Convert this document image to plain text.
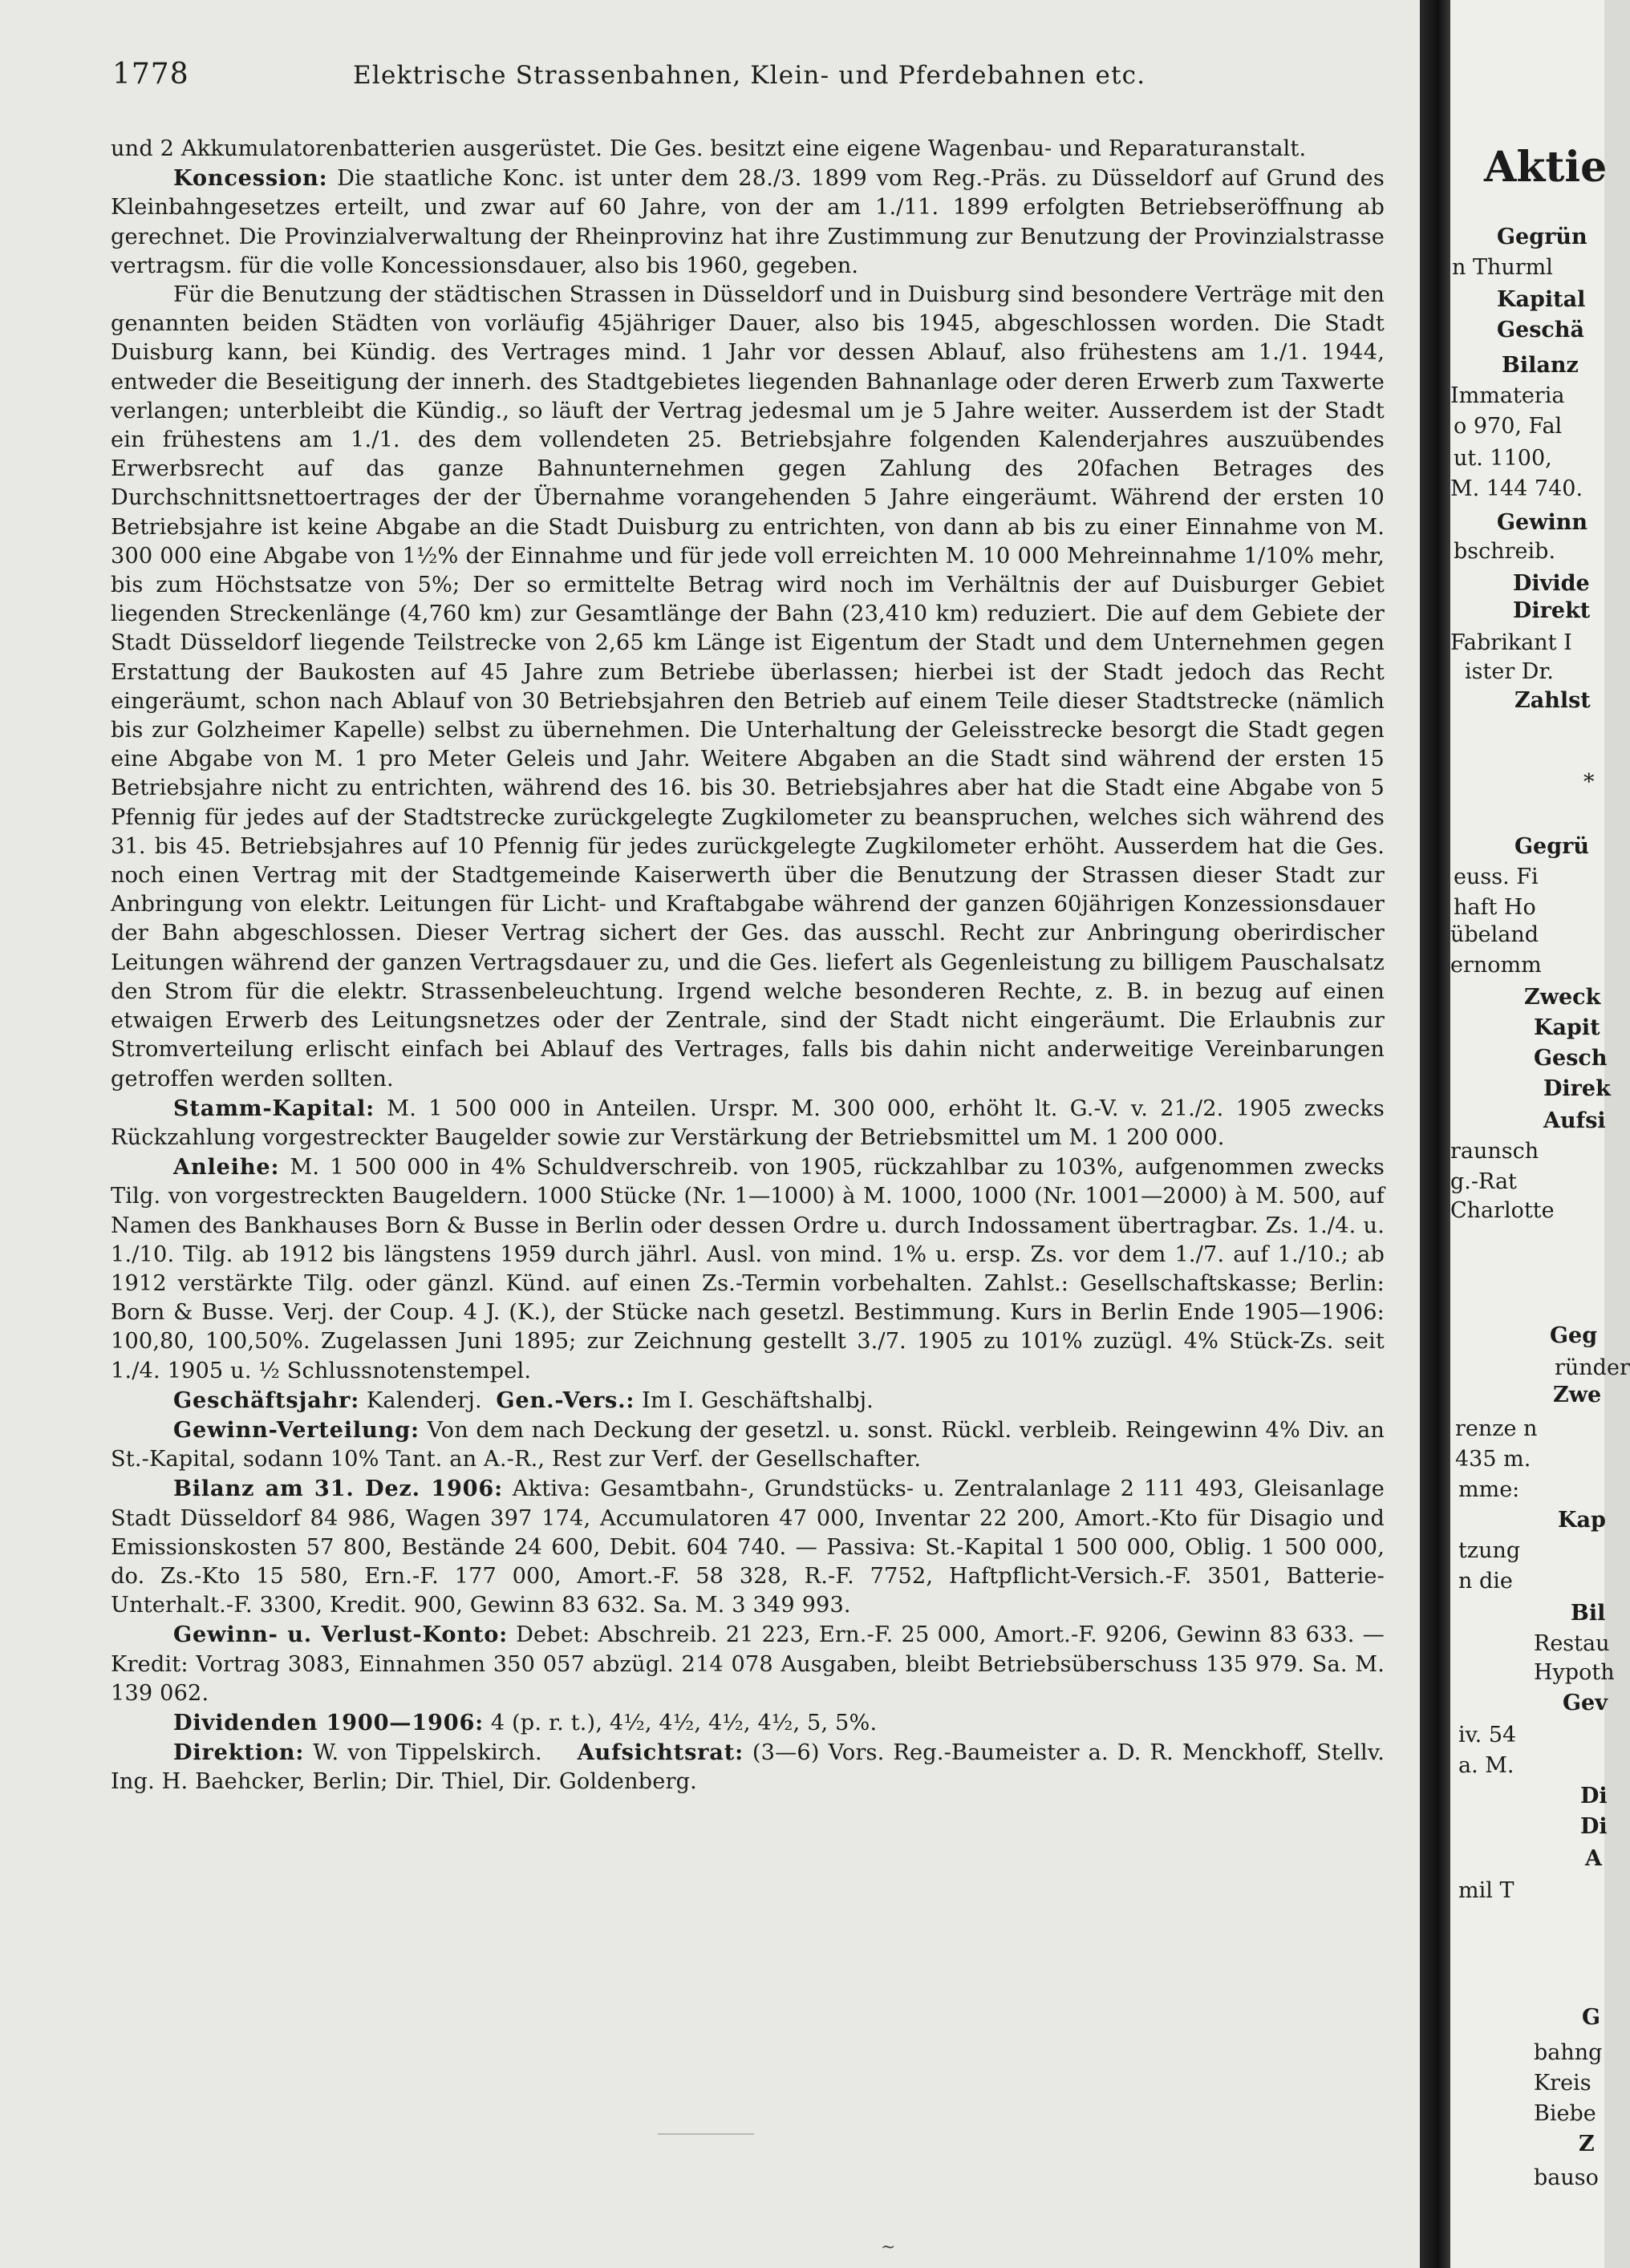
1778	Elektrische Strassenbahnen, Klein- und Pferdebahnen etc.

und 2 Akkumulatorenbatterien ausgerüstet. Die Ges. besitzt eine eigene Wagenbau- und Reparaturanstalt.

Koncession: Die staatliche Konc. ist unter dem 28./3. 1899 vom Reg.-Präs. zu Düsseldorf auf Grund des Kleinbahngesetzes erteilt, und zwar auf 60 Jahre, von der am 1./11. 1899 erfolgten Betriebseröffnung ab gerechnet. Die Provinzialverwaltung der Rheinprovinz hat ihre Zustimmung zur Benutzung der Provinzialstrasse vertragsm. für die volle Koncessionsdauer, also bis 1960, gegeben.

Für die Benutzung der städtischen Strassen in Düsseldorf und in Duisburg sind besondere Verträge mit den genannten beiden Städten von vorläufig 45jähriger Dauer, also bis 1945, abgeschlossen worden. Die Stadt Duisburg kann, bei Kündig. des Vertrages mind. 1 Jahr vor dessen Ablauf, also frühestens am 1./1. 1944, entweder die Beseitigung der innerh. des Stadtgebietes liegenden Bahnanlage oder deren Erwerb zum Taxwerte verlangen; unterbleibt die Kündig., so läuft der Vertrag jedesmal um je 5 Jahre weiter. Ausserdem ist der Stadt ein frühestens am 1./1. des dem vollendeten 25. Betriebsjahre folgenden Kalenderjahres auszuübendes Erwerbsrecht auf das ganze Bahnunternehmen gegen Zahlung des 20fachen Betrages des Durchschnittsnettoertrages der der Übernahme vorangehenden 5 Jahre eingeräumt. Während der ersten 10 Betriebsjahre ist keine Abgabe an die Stadt Duisburg zu entrichten, von dann ab bis zu einer Einnahme von M. 300 000 eine Abgabe von 1½% der Einnahme und für jede voll erreichten M. 10 000 Mehreinnahme 1/10% mehr, bis zum Höchstsatze von 5%; Der so ermittelte Betrag wird noch im Verhältnis der auf Duisburger Gebiet liegenden Streckenlänge (4,760 km) zur Gesamtlänge der Bahn (23,410 km) reduziert. Die auf dem Gebiete der Stadt Düsseldorf liegende Teilstrecke von 2,65 km Länge ist Eigentum der Stadt und dem Unternehmen gegen Erstattung der Baukosten auf 45 Jahre zum Betriebe überlassen; hierbei ist der Stadt jedoch das Recht eingeräumt, schon nach Ablauf von 30 Betriebsjahren den Betrieb auf einem Teile dieser Stadtstrecke (nämlich bis zur Golzheimer Kapelle) selbst zu übernehmen. Die Unterhaltung der Geleisstrecke besorgt die Stadt gegen eine Abgabe von M. 1 pro Meter Geleis und Jahr. Weitere Abgaben an die Stadt sind während der ersten 15 Betriebsjahre nicht zu entrichten, während des 16. bis 30. Betriebsjahres aber hat die Stadt eine Abgabe von 5 Pfennig für jedes auf der Stadtstrecke zurückgelegte Zugkilometer zu beanspruchen, welches sich während des 31. bis 45. Betriebsjahres auf 10 Pfennig für jedes zurückgelegte Zugkilometer erhöht. Ausserdem hat die Ges. noch einen Vertrag mit der Stadtgemeinde Kaiserwerth über die Benutzung der Strassen dieser Stadt zur Anbringung von elektr. Leitungen für Licht- und Kraftabgabe während der ganzen 60jährigen Konzessionsdauer der Bahn abgeschlossen. Dieser Vertrag sichert der Ges. das ausschl. Recht zur Anbringung oberirdischer Leitungen während der ganzen Vertragsdauer zu, und die Ges. liefert als Gegenleistung zu billigem Pauschalsatz den Strom für die elektr. Strassenbeleuchtung. Irgend welche besonderen Rechte, z. B. in bezug auf einen etwaigen Erwerb des Leitungsnetzes oder der Zentrale, sind der Stadt nicht eingeräumt. Die Erlaubnis zur Stromverteilung erlischt einfach bei Ablauf des Vertrages, falls bis dahin nicht anderweitige Vereinbarungen getroffen werden sollten.

Stamm-Kapital: M. 1 500 000 in Anteilen. Urspr. M. 300 000, erhöht lt. G.-V. v. 21./2. 1905 zwecks Rückzahlung vorgestreckter Baugelder sowie zur Verstärkung der Betriebsmittel um M. 1 200 000.

Anleihe: M. 1 500 000 in 4% Schuldverschreib. von 1905, rückzahlbar zu 103%, aufgenommen zwecks Tilg. von vorgestreckten Baugeldern. 1000 Stücke (Nr. 1—1000) à M. 1000, 1000 (Nr. 1001—2000) à M. 500, auf Namen des Bankhauses Born & Busse in Berlin oder dessen Ordre u. durch Indossament übertragbar. Zs. 1./4. u. 1./10. Tilg. ab 1912 bis längstens 1959 durch jährl. Ausl. von mind. 1% u. ersp. Zs. vor dem 1./7. auf 1./10.; ab 1912 verstärkte Tilg. oder gänzl. Künd. auf einen Zs.-Termin vorbehalten. Zahlst.: Gesellschaftskasse; Berlin: Born & Busse. Verj. der Coup. 4 J. (K.), der Stücke nach gesetzl. Bestimmung. Kurs in Berlin Ende 1905—1906: 100,80, 100,50%. Zugelassen Juni 1895; zur Zeichnung gestellt 3./7. 1905 zu 101% zuzügl. 4% Stück-Zs. seit 1./4. 1905 u. ½ Schlussnotenstempel.

Geschäftsjahr: Kalenderj. Gen.-Vers.: Im I. Geschäftshalbj.

Gewinn-Verteilung: Von dem nach Deckung der gesetzl. u. sonst. Rückl. verbleib. Reingewinn 4% Div. an St.-Kapital, sodann 10% Tant. an A.-R., Rest zur Verf. der Gesellschafter.

Bilanz am 31. Dez. 1906: Aktiva: Gesamtbahn-, Grundstücks- u. Zentralanlage 2 111 493, Gleisanlage Stadt Düsseldorf 84 986, Wagen 397 174, Accumulatoren 47 000, Inventar 22 200, Amort.-Kto für Disagio und Emissionskosten 57 800, Bestände 24 600, Debit. 604 740. — Passiva: St.-Kapital 1 500 000, Oblig. 1 500 000, do. Zs.-Kto 15 580, Ern.-F. 177 000, Amort.-F. 58 328, R.-F. 7752, Haftpflicht-Versich.-F. 3501, Batterie-Unterhalt.-F. 3300, Kredit. 900, Gewinn 83 632. Sa. M. 3 349 993.

Gewinn- u. Verlust-Konto: Debet: Abschreib. 21 223, Ern.-F. 25 000, Amort.-F. 9206, Gewinn 83 633. — Kredit: Vortrag 3083, Einnahmen 350 057 abzügl. 214 078 Ausgaben, bleibt Betriebsüberschuss 135 979. Sa. M. 139 062.

Dividenden 1900—1906: 4 (p. r. t.), 4½, 4½, 4½, 4½, 5, 5%.

Direktion: W. von Tippelskirch. Aufsichtsrat: (3—6) Vors. Reg.-Baumeister a. D. R. Menckhoff, Stellv. Ing. H. Baehcker, Berlin; Dir. Thiel, Dir. Goldenberg.

~
Aktie
Gegrün
n Thurml
Kapital
Geschä
Bilanz
Immateria
o 970, Fal
ut. 1100,
M. 144 740.
Gewinn
bschreib.
Divide
Direkt
Fabrikant I
ister Dr.
Zahlst
*
Gegrü
euss. Fi
haft Ho
übeland
ernomm
Zweck
Kapit
Gesch
Direk
Aufsi
raunsch
g.-Rat
Charlotte
Geg
ründer
Zwe
renze n
435 m.
mme:
Kap
tzung
n die
Bil
Restau
Hypoth
Gev
iv. 54
a. M.
Di
Di
A
mil T
G
bahng
Kreis
Biebe
Z
bauso
